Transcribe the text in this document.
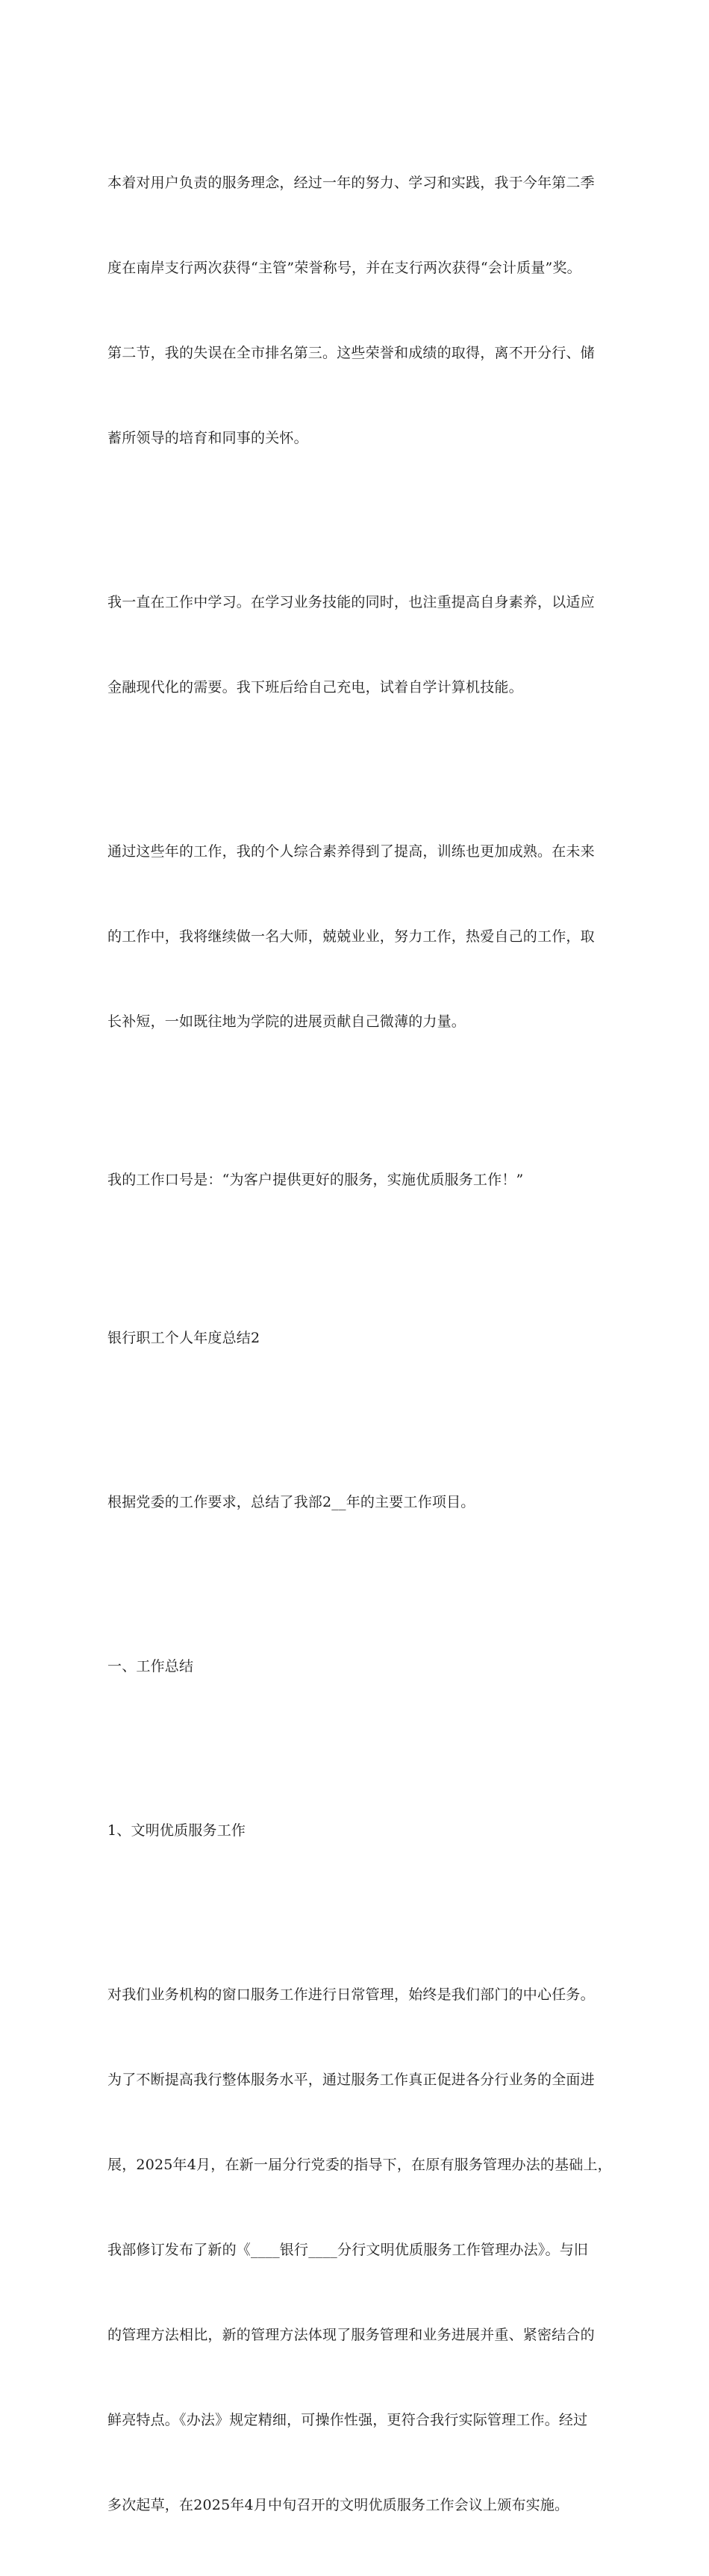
本着对用户负责的服务理念，经过一年的努力、学习和实践，我于今年第二季

度在南岸支行两次获得“主管”荣誉称号，并在支行两次获得“会计质量”奖。

第二节，我的失误在全市排名第三。这些荣誉和成绩的取得，离不开分行、储

蓄所领导的培育和同事的关怀。

我一直在工作中学习。在学习业务技能的同时，也注重提高自身素养，以适应

金融现代化的需要。我下班后给自己充电，试着自学计算机技能。

通过这些年的工作，我的个人综合素养得到了提高，训练也更加成熟。在未来

的工作中，我将继续做一名大师，兢兢业业，努力工作，热爱自己的工作，取

长补短，一如既往地为学院的进展贡献自己微薄的力量。

我的工作口号是：“为客户提供更好的服务，实施优质服务工作！”

银行职工个人年度总结2

根据党委的工作要求，总结了我部2__年的主要工作项目。

一、工作总结

1、文明优质服务工作

对我们业务机构的窗口服务工作进行日常管理，始终是我们部门的中心任务。

为了不断提高我行整体服务水平，通过服务工作真正促进各分行业务的全面进

展，2025年4月，在新一届分行党委的指导下，在原有服务管理办法的基础上，

我部修订发布了新的《____银行____分行文明优质服务工作管理办法》。与旧

的管理方法相比，新的管理方法体现了服务管理和业务进展并重、紧密结合的

鲜亮特点。《办法》规定精细，可操作性强，更符合我行实际管理工作。经过

多次起草，在2025年4月中旬召开的文明优质服务工作会议上颁布实施。
